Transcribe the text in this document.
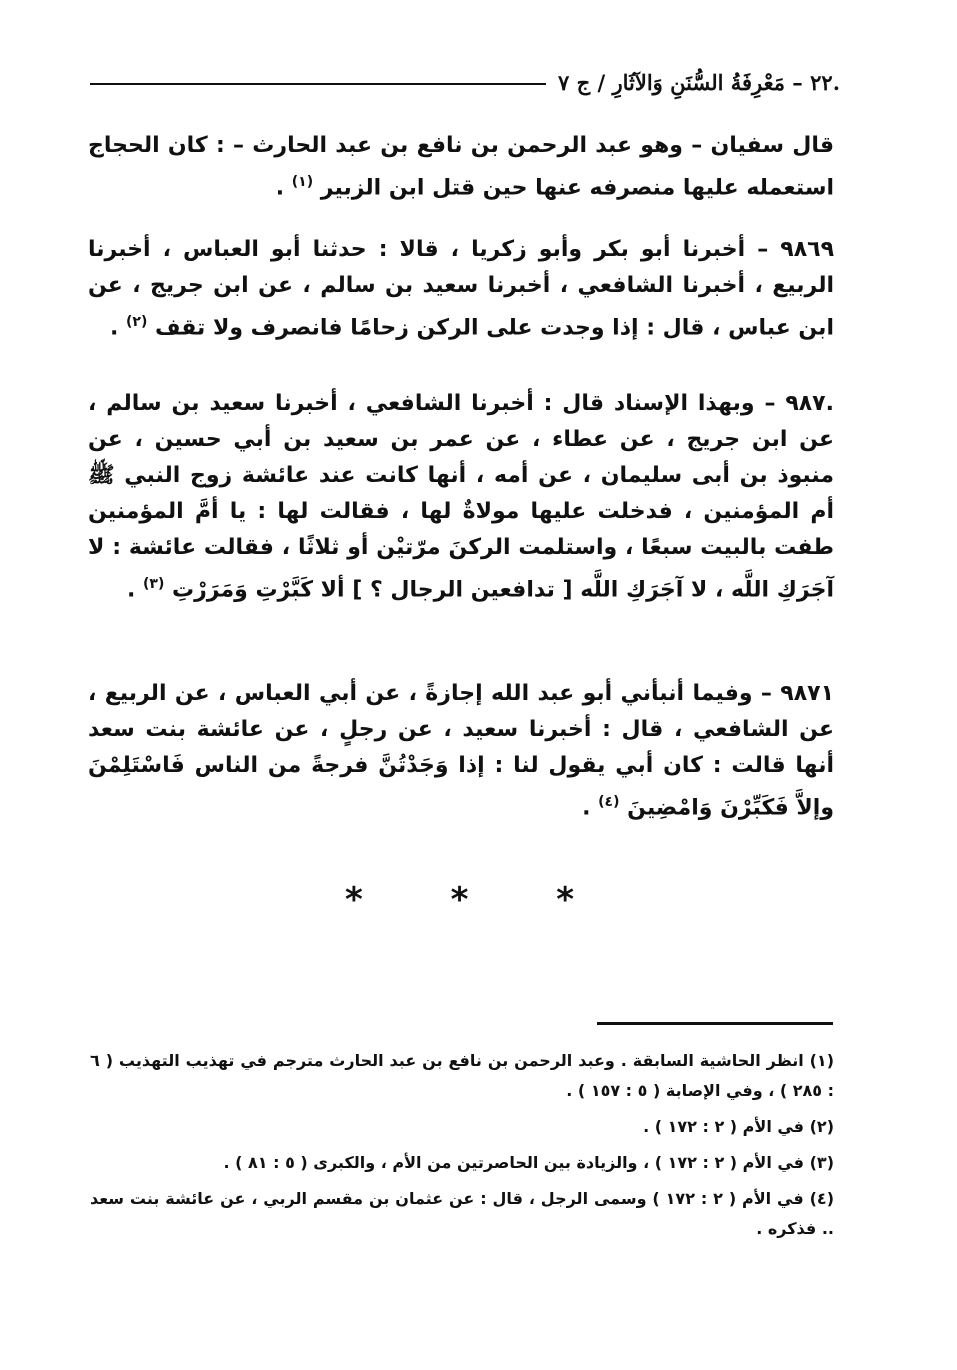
.٢٢ – مَعْرِفَةُ السُّنَنِ وَالآثَارِ / ج ٧

قال سفيان – وهو عبد الرحمن بن نافع بن عبد الحارث – : كان الحجاج استعمله عليها منصرفه عنها حين قتل ابن الزبير $^{(١)}$ .

٩٨٦٩ – أخبرنا أبو بكر وأبو زكريا ، قالا : حدثنا أبو العباس ، أخبرنا الربيع ، أخبرنا الشافعي ، أخبرنا سعيد بن سالم ، عن ابن جريج ، عن ابن عباس ، قال : إذا وجدت على الركن زحامًا فانصرف ولا تقف $^{(٢)}$ .

.٩٨٧ – وبهذا الإسناد قال : أخبرنا الشافعي ، أخبرنا سعيد بن سالم ، عن ابن جريج ، عن عطاء ، عن عمر بن سعيد بن أبي حسين ، عن منبوذ بن أبى سليمان ، عن أمه ، أنها كانت عند عائشة زوج النبي ﷺ أم المؤمنين ، فدخلت عليها مولاةٌ لها ، فقالت لها : يا أمَّ المؤمنين طفت بالبيت سبعًا ، واستلمت الركنَ مرّتيْن أو ثلاثًا ، فقالت عائشة : لا آجَرَكِ اللَّه ، لا آجَرَكِ اللَّه [ تدافعين الرجال ؟ ] ألا كَبَّرْتِ وَمَرَرْتِ $^{(٣)}$ .

٩٨٧١ – وفيما أنبأني أبو عبد الله إجازةً ، عن أبي العباس ، عن الربيع ، عن الشافعي ، قال : أخبرنا سعيد ، عن رجلٍ ، عن عائشة بنت سعد أنها قالت : كان أبي يقول لنا : إذا وَجَدْتُنَّ فرجةً من الناس فَاسْتَلِمْنَ وإلاَّ فَكَبِّرْنَ وَامْضِينَ $^{(٤)}$ .

* * *

(١) انظر الحاشية السابقة . وعبد الرحمن بن نافع بن عبد الحارث مترجم في تهذيب التهذيب ( ٦ : ٢٨٥ ) ، وفي الإصابة ( ٥ : ١٥٧ ) .

(٢) في الأم ( ٢ : ١٧٢ ) .

(٣) في الأم ( ٢ : ١٧٢ ) ، والزيادة بين الحاصرتين من الأم ، والكبرى ( ٥ : ٨١ ) .

(٤) في الأم ( ٢ : ١٧٢ ) وسمى الرجل ، قال : عن عثمان بن مقسم الربي ، عن عائشة بنت سعد .. فذكره .
